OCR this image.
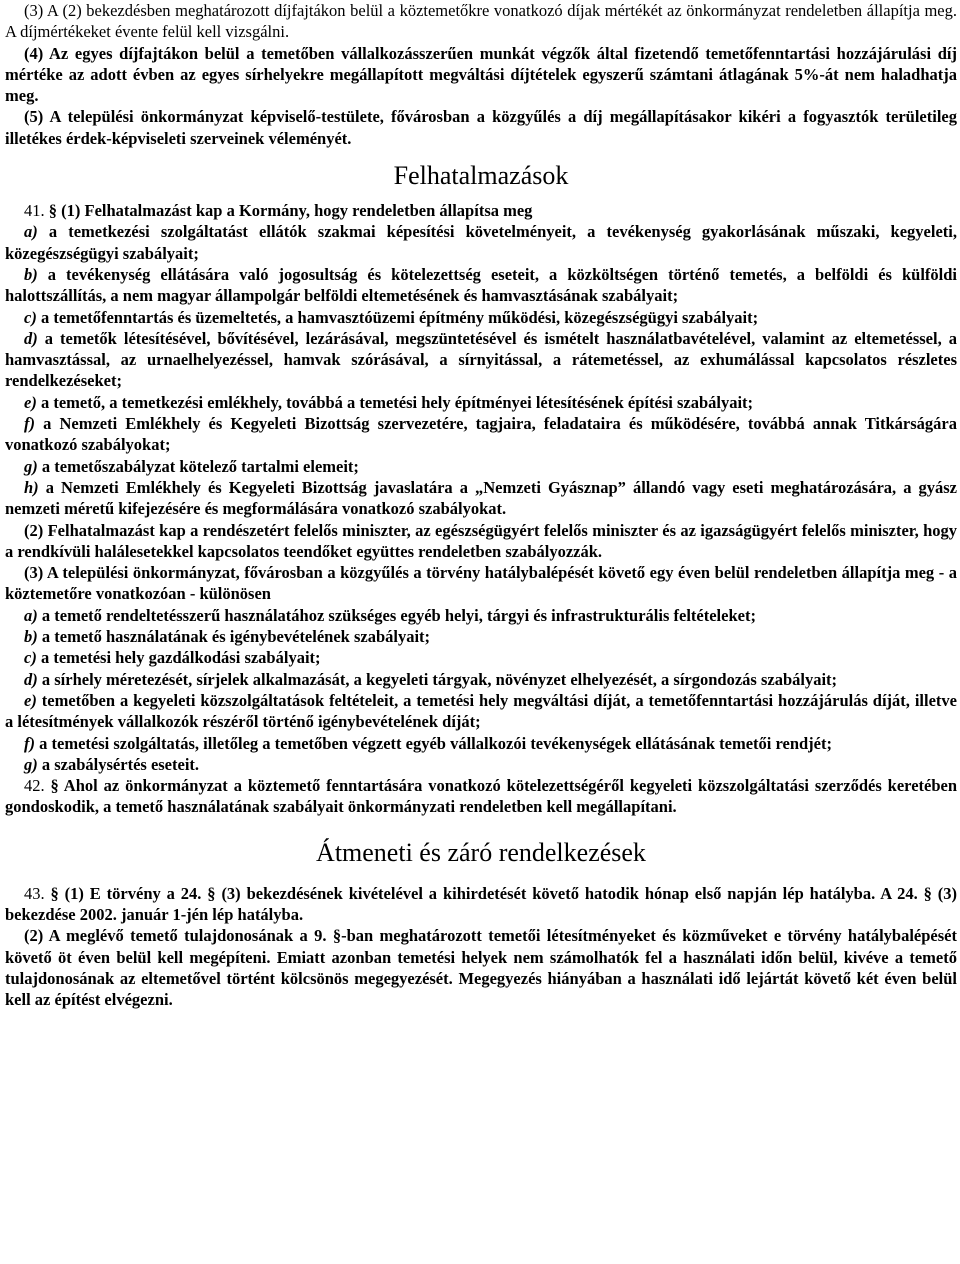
(3) A (2) bekezdésben meghatározott díjfajtákon belül a köztemetőkre vonatkozó díjak mértékét az önkormányzat rendeletben állapítja meg. A díjmértékeket évente felül kell vizsgálni.

(4) Az egyes díjfajtákon belül a temetőben vállalkozásszerűen munkát végzők által fizetendő temetőfenntartási hozzájárulási díj mértéke az adott évben az egyes sírhelyekre megállapított megváltási díjtételek egyszerű számtani átlagának 5%-át nem haladhatja meg.

(5) A települési önkormányzat képviselő-testülete, fővárosban a közgyűlés a díj megállapításakor kikéri a fogyasztók területileg illetékes érdek-képviseleti szerveinek véleményét.

Felhatalmazások

41. § (1) Felhatalmazást kap a Kormány, hogy rendeletben állapítsa meg

a) a temetkezési szolgáltatást ellátók szakmai képesítési követelményeit, a tevékenység gyakorlásának műszaki, kegyeleti, közegészségügyi szabályait;

b) a tevékenység ellátására való jogosultság és kötelezettség eseteit, a közköltségen történő temetés, a belföldi és külföldi halottszállítás, a nem magyar állampolgár belföldi eltemetésének és hamvasztásának szabályait;

c) a temetőfenntartás és üzemeltetés, a hamvasztóüzemi építmény működési, közegészségügyi szabályait;

d) a temetők létesítésével, bővítésével, lezárásával, megszüntetésével és ismételt használatbavételével, valamint az eltemetéssel, a hamvasztással, az urnaelhelyezéssel, hamvak szórásával, a sírnyitással, a rátemetéssel, az exhumálással kapcsolatos részletes rendelkezéseket;

e) a temető, a temetkezési emlékhely, továbbá a temetési hely építményei létesítésének építési szabályait;

f) a Nemzeti Emlékhely és Kegyeleti Bizottság szervezetére, tagjaira, feladataira és működésére, továbbá annak Titkárságára vonatkozó szabályokat;

g) a temetőszabályzat kötelező tartalmi elemeit;

h) a Nemzeti Emlékhely és Kegyeleti Bizottság javaslatára a „Nemzeti Gyásznap” állandó vagy eseti meghatározására, a gyász nemzeti méretű kifejezésére és megformálására vonatkozó szabályokat.

(2) Felhatalmazást kap a rendészetért felelős miniszter, az egészségügyért felelős miniszter és az igazságügyért felelős miniszter, hogy a rendkívüli halálesetekkel kapcsolatos teendőket együttes rendeletben szabályozzák.

(3) A települési önkormányzat, fővárosban a közgyűlés a törvény hatálybalépését követő egy éven belül rendeletben állapítja meg - a köztemetőre vonatkozóan - különösen

a) a temető rendeltetésszerű használatához szükséges egyéb helyi, tárgyi és infrastrukturális feltételeket;

b) a temető használatának és igénybevételének szabályait;

c) a temetési hely gazdálkodási szabályait;

d) a sírhely méretezését, sírjelek alkalmazását, a kegyeleti tárgyak, növényzet elhelyezését, a sírgondozás szabályait;

e) temetőben a kegyeleti közszolgáltatások feltételeit, a temetési hely megváltási díját, a temetőfenntartási hozzájárulás díját, illetve a létesítmények vállalkozók részéről történő igénybevételének díját;

f) a temetési szolgáltatás, illetőleg a temetőben végzett egyéb vállalkozói tevékenységek ellátásának temetői rendjét;

g) a szabálysértés eseteit.

42. § Ahol az önkormányzat a köztemető fenntartására vonatkozó kötelezettségéről kegyeleti közszolgáltatási szerződés keretében gondoskodik, a temető használatának szabályait önkormányzati rendeletben kell megállapítani.

Átmeneti és záró rendelkezések

43. § (1) E törvény a 24. § (3) bekezdésének kivételével a kihirdetését követő hatodik hónap első napján lép hatályba. A 24. § (3) bekezdése 2002. január 1-jén lép hatályba.

(2) A meglévő temető tulajdonosának a 9. §-ban meghatározott temetői létesítményeket és közműveket e törvény hatálybalépését követő öt éven belül kell megépíteni. Emiatt azonban temetési helyek nem számolhatók fel a használati időn belül, kivéve a temető tulajdonosának az eltemetővel történt kölcsönös megegyezését. Megegyezés hiányában a használati idő lejártát követő két éven belül kell az építést elvégezni.
